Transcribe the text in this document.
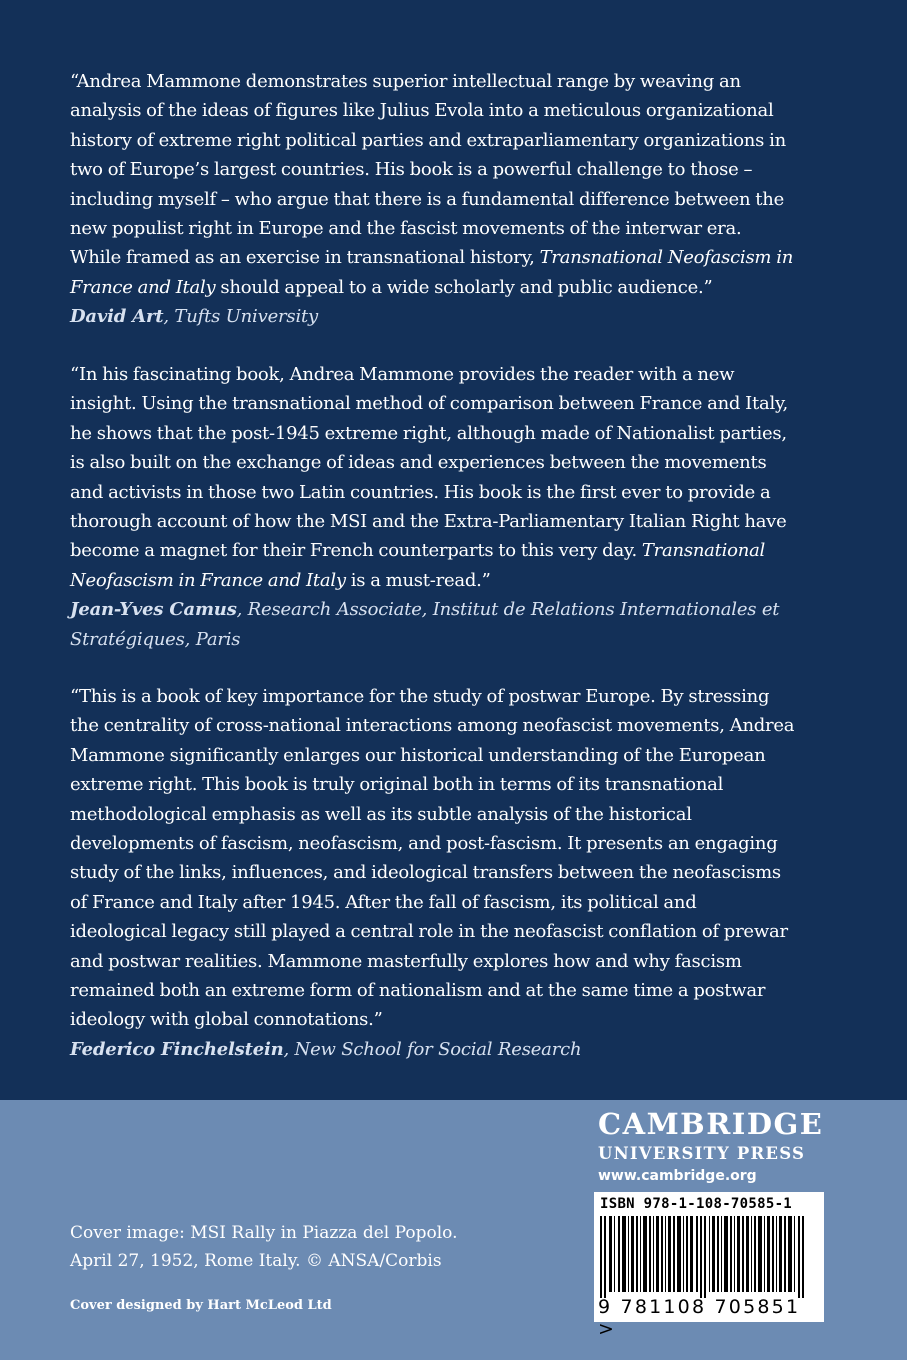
“Andrea Mammone demonstrates superior intellectual range by weaving an analysis of the ideas of figures like Julius Evola into a meticulous organizational history of extreme right political parties and extraparliamentary organizations in two of Europe’s largest countries. His book is a powerful challenge to those – including myself – who argue that there is a fundamental difference between the new populist right in Europe and the fascist movements of the interwar era. While framed as an exercise in transnational history, Transnational Neofascism in France and Italy should appeal to a wide scholarly and public audience.”

David Art, Tufts University

“In his fascinating book, Andrea Mammone provides the reader with a new insight. Using the transnational method of comparison between France and Italy, he shows that the post-1945 extreme right, although made of Nationalist parties, is also built on the exchange of ideas and experiences between the movements and activists in those two Latin countries. His book is the first ever to provide a thorough account of how the MSI and the Extra-Parliamentary Italian Right have become a magnet for their French counterparts to this very day. Transnational Neofascism in France and Italy is a must-read.”

Jean-Yves Camus, Research Associate, Institut de Relations Internationales et Stratégiques, Paris

“This is a book of key importance for the study of postwar Europe. By stressing the centrality of cross-national interactions among neofascist movements, Andrea Mammone significantly enlarges our historical understanding of the European extreme right. This book is truly original both in terms of its transnational methodological emphasis as well as its subtle analysis of the historical developments of fascism, neofascism, and post-fascism. It presents an engaging study of the links, influences, and ideological transfers between the neofascisms of France and Italy after 1945. After the fall of fascism, its political and ideological legacy still played a central role in the neofascist conflation of prewar and postwar realities. Mammone masterfully explores how and why fascism remained both an extreme form of nationalism and at the same time a postwar ideology with global connotations.”

Federico Finchelstein, New School for Social Research

CAMBRIDGE
UNIVERSITY PRESS
www.cambridge.org
ISBN 978-1-108-70585-1
9 781108 705851 >
Cover image: MSI Rally in Piazza del Popolo.
April 27, 1952, Rome Italy. © ANSA/Corbis
Cover designed by Hart McLeod Ltd
